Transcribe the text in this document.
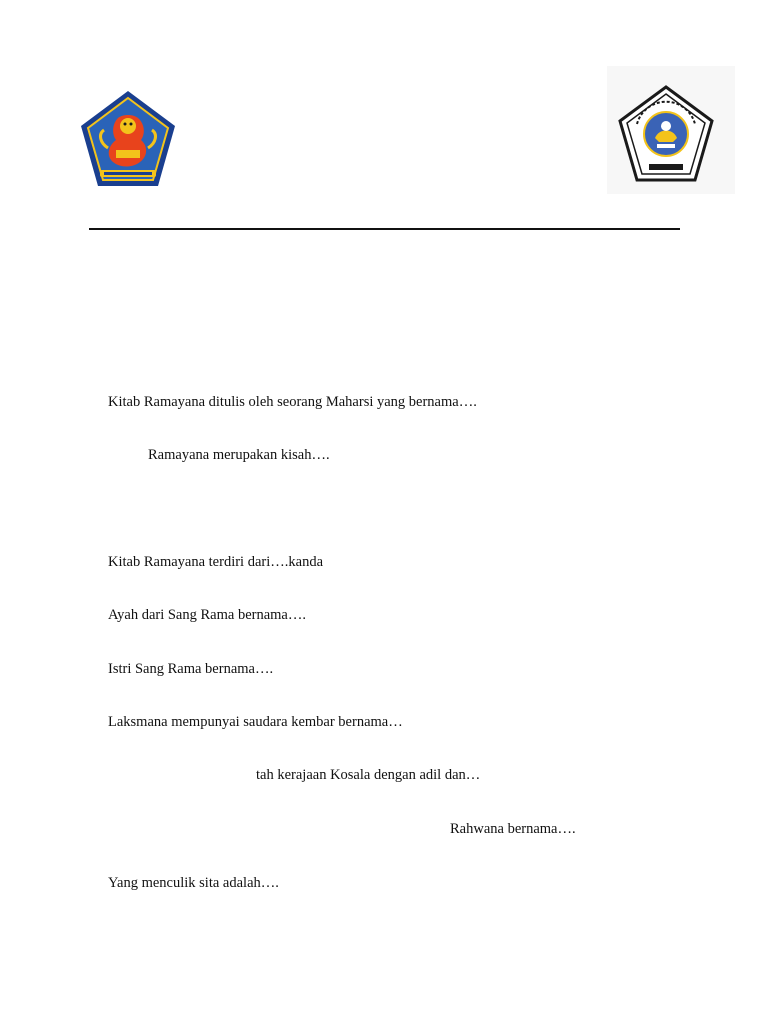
Kitab Ramayana ditulis oleh seorang Maharsi yang bernama….
Ramayana merupakan kisah….
Kitab Ramayana terdiri dari….kanda
Ayah dari Sang Rama bernama….
Istri Sang Rama bernama….
Laksmana mempunyai saudara kembar bernama…
tah kerajaan Kosala dengan adil dan…
Rahwana bernama….
Yang menculik sita adalah….
